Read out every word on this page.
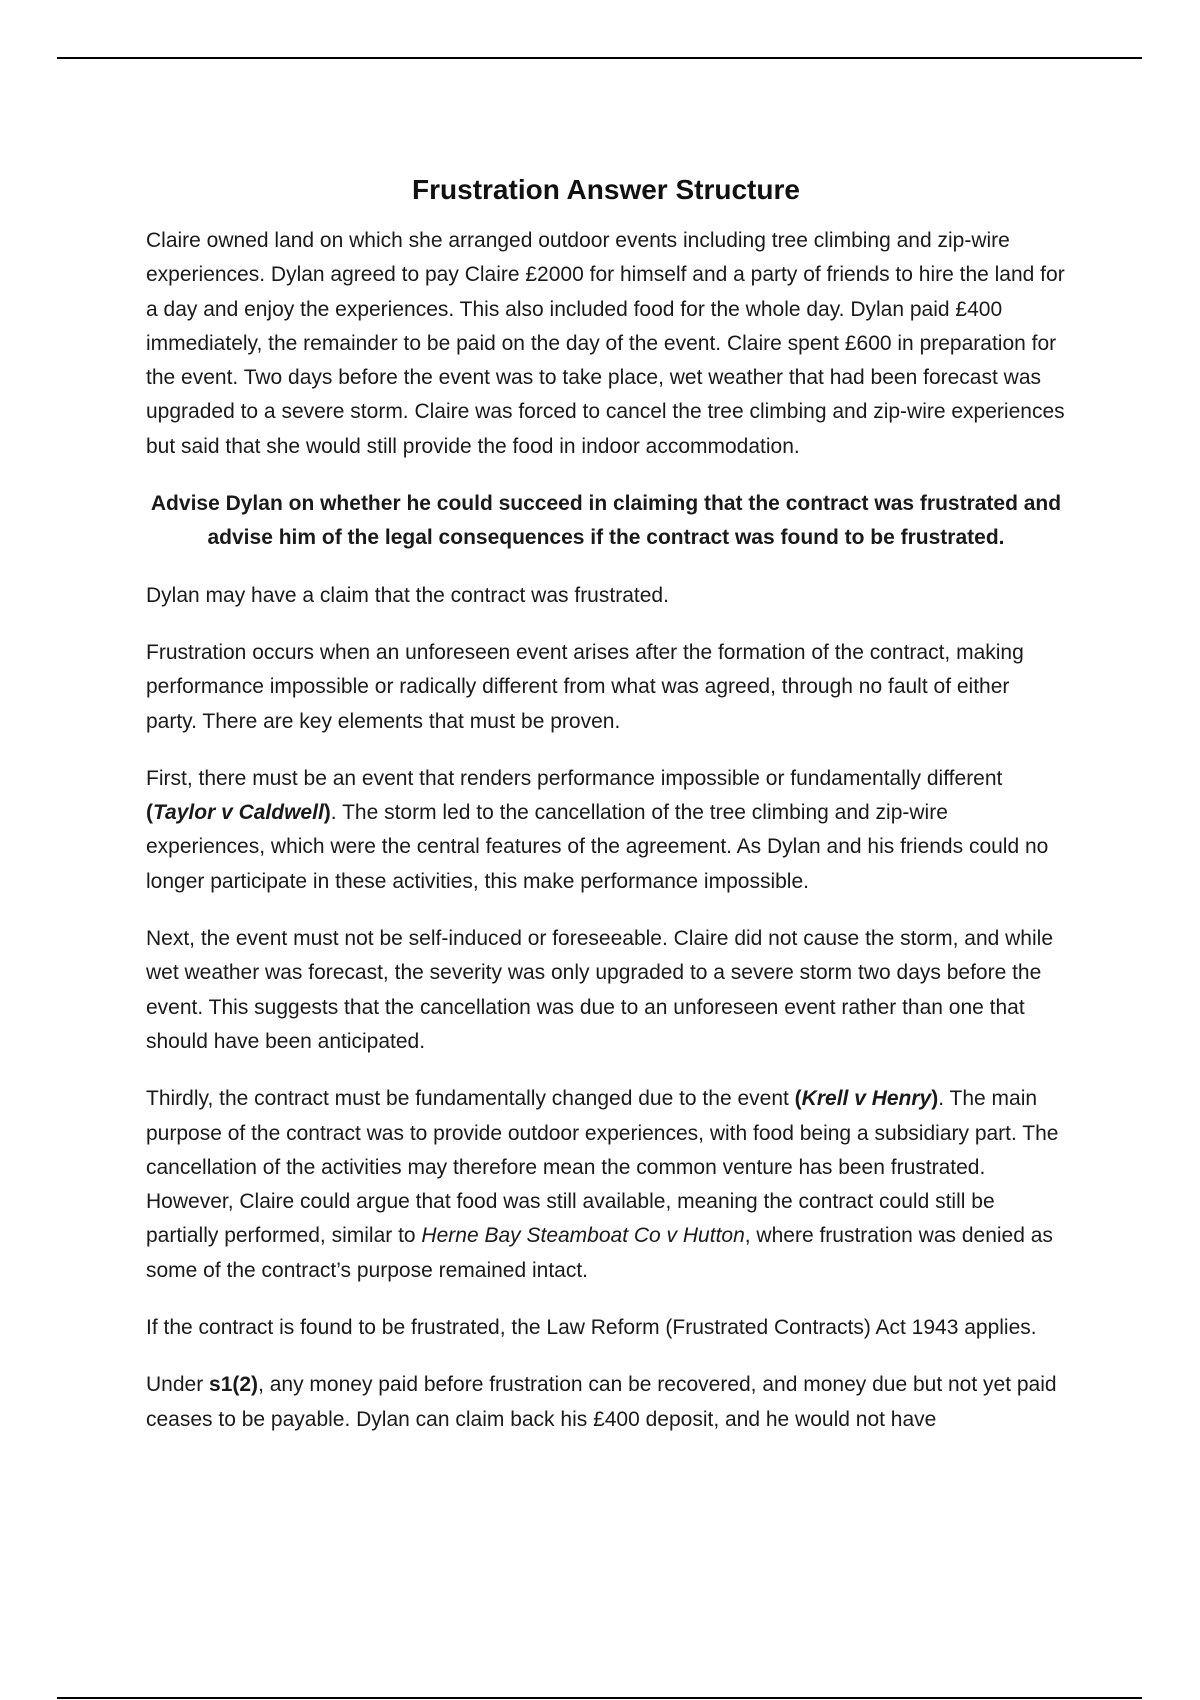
Frustration Answer Structure

Claire owned land on which she arranged outdoor events including tree climbing and zip-wire experiences. Dylan agreed to pay Claire £2000 for himself and a party of friends to hire the land for a day and enjoy the experiences. This also included food for the whole day. Dylan paid £400 immediately, the remainder to be paid on the day of the event. Claire spent £600 in preparation for the event. Two days before the event was to take place, wet weather that had been forecast was upgraded to a severe storm. Claire was forced to cancel the tree climbing and zip-wire experiences but said that she would still provide the food in indoor accommodation.

Advise Dylan on whether he could succeed in claiming that the contract was frustrated and advise him of the legal consequences if the contract was found to be frustrated.

Dylan may have a claim that the contract was frustrated.

Frustration occurs when an unforeseen event arises after the formation of the contract, making performance impossible or radically different from what was agreed, through no fault of either party. There are key elements that must be proven.

First, there must be an event that renders performance impossible or fundamentally different (Taylor v Caldwell). The storm led to the cancellation of the tree climbing and zip-wire experiences, which were the central features of the agreement. As Dylan and his friends could no longer participate in these activities, this make performance impossible.

Next, the event must not be self-induced or foreseeable. Claire did not cause the storm, and while wet weather was forecast, the severity was only upgraded to a severe storm two days before the event. This suggests that the cancellation was due to an unforeseen event rather than one that should have been anticipated.

Thirdly, the contract must be fundamentally changed due to the event (Krell v Henry). The main purpose of the contract was to provide outdoor experiences, with food being a subsidiary part. The cancellation of the activities may therefore mean the common venture has been frustrated. However, Claire could argue that food was still available, meaning the contract could still be partially performed, similar to Herne Bay Steamboat Co v Hutton, where frustration was denied as some of the contract’s purpose remained intact.

If the contract is found to be frustrated, the Law Reform (Frustrated Contracts) Act 1943 applies.

Under s1(2), any money paid before frustration can be recovered, and money due but not yet paid ceases to be payable. Dylan can claim back his £400 deposit, and he would not have
